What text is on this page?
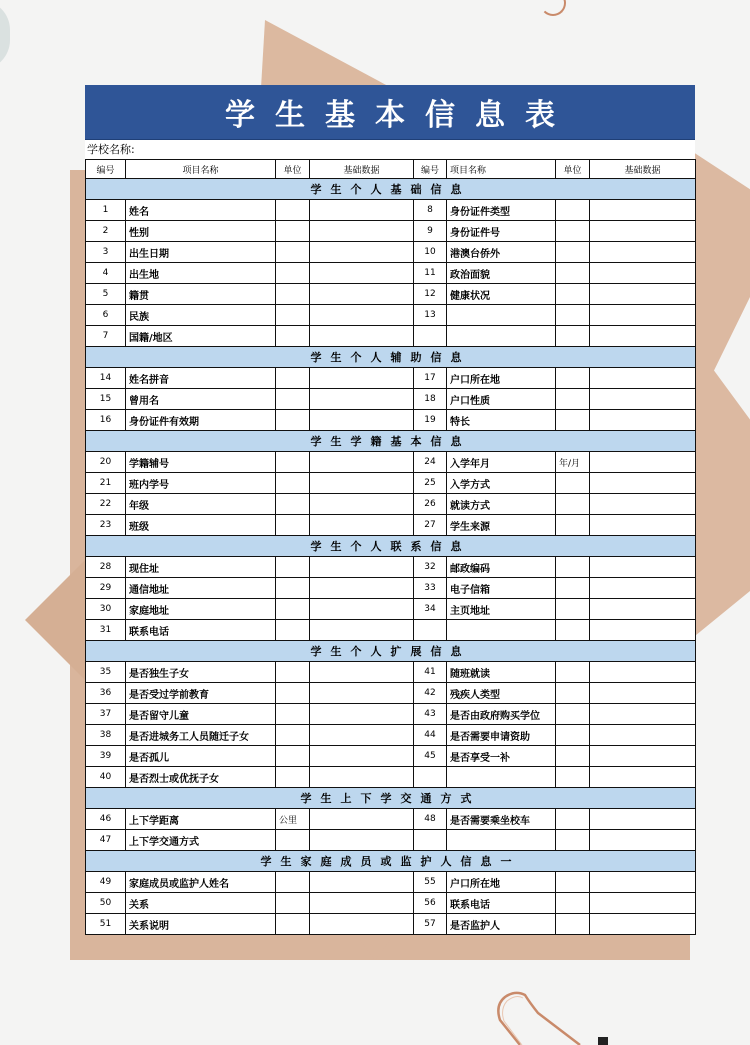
学生基本信息表
学校名称:
编号	项目名称	单位	基础数据	编号	项目名称	单位	基础数据
学生个人基础信息							
1	姓名			8	身份证件类型		
2	性别			9	身份证件号		
3	出生日期			10	港澳台侨外		
4	出生地			11	政治面貌		
5	籍贯			12	健康状况		
6	民族			13			
7	国籍/地区						
学生个人辅助信息							
14	姓名拼音			17	户口所在地		
15	曾用名			18	户口性质		
16	身份证件有效期			19	特长		
学生学籍基本信息							
20	学籍辅号			24	入学年月	年/月	
21	班内学号			25	入学方式		
22	年级			26	就读方式		
23	班级			27	学生来源		
学生个人联系信息							
28	现住址			32	邮政编码		
29	通信地址			33	电子信箱		
30	家庭地址			34	主页地址		
31	联系电话						
学生个人扩展信息							
35	是否独生子女			41	随班就读		
36	是否受过学前教育			42	残疾人类型		
37	是否留守儿童			43	是否由政府购买学位		
38	是否进城务工人员随迁子女			44	是否需要申请资助		
39	是否孤儿			45	是否享受一补		
40	是否烈士或优抚子女						
学生上下学交通方式							
46	上下学距离	公里		48	是否需要乘坐校车		
47	上下学交通方式						
学生家庭成员或监护人信息一							
49	家庭成员或监护人姓名			55	户口所在地		
50	关系			56	联系电话		
51	关系说明			57	是否监护人		
